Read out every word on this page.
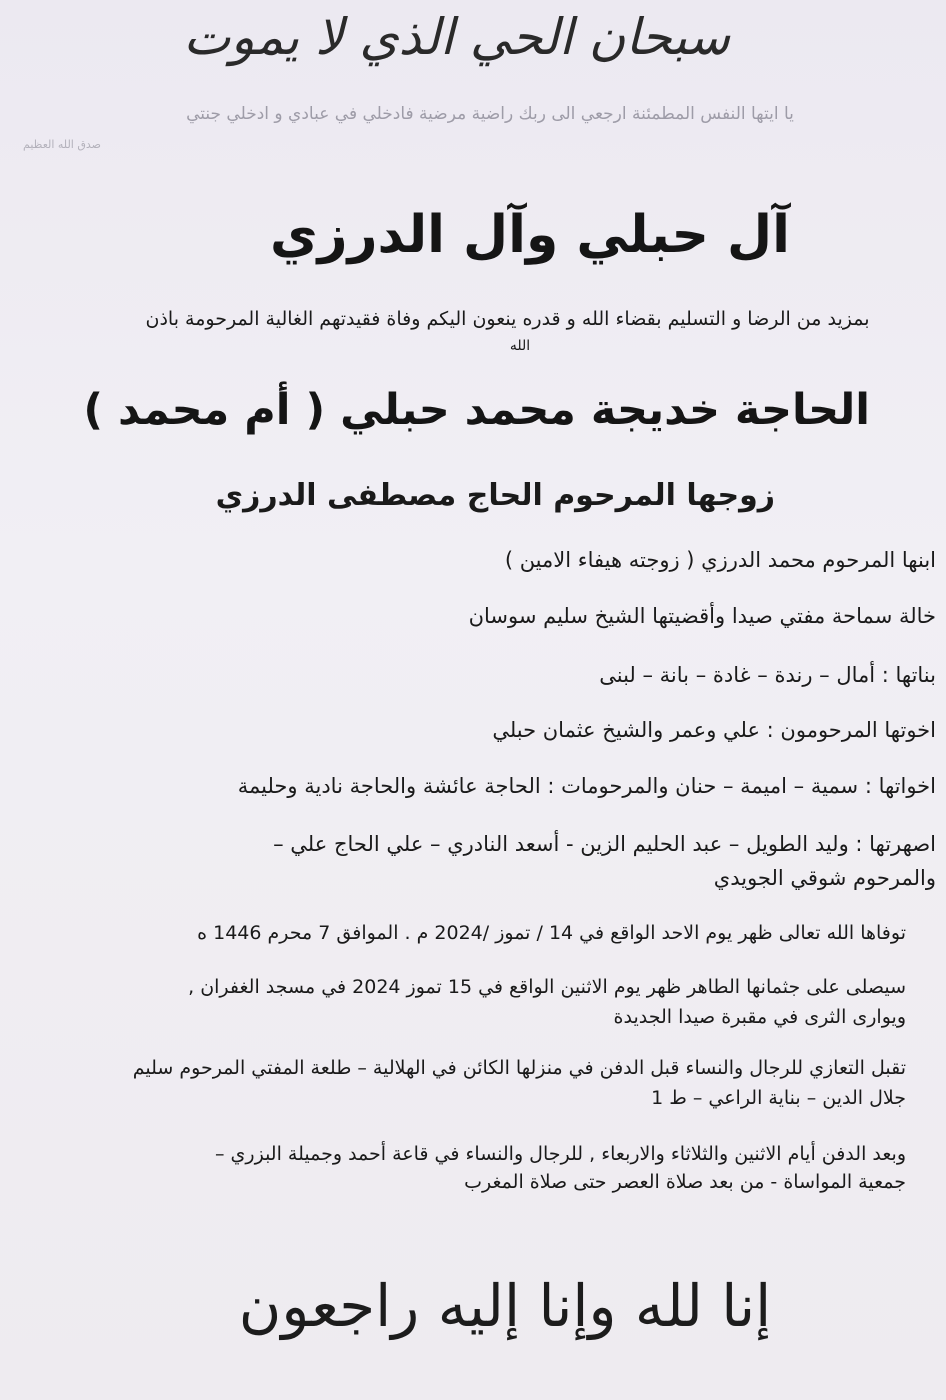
سبحان الحي الذي لا يموت
يا ايتها النفس المطمئنة ارجعي الى ربك راضية مرضية فادخلي في عبادي و ادخلي جنتي
صدق الله العظيم
آل حبلي وآل الدرزي
بمزيد من الرضا و التسليم بقضاء الله و قدره ينعون اليكم وفاة فقيدتهم الغالية المرحومة باذن
الله
الحاجة خديجة محمد حبلي ( أم محمد )
زوجها المرحوم الحاج مصطفى الدرزي
ابنها المرحوم محمد الدرزي ( زوجته هيفاء الامين )
خالة سماحة مفتي صيدا وأقضيتها الشيخ سليم سوسان
بناتها : أمال – رندة – غادة – بانة – لبنى
اخوتها المرحومون : علي وعمر والشيخ عثمان حبلي
اخواتها : سمية – اميمة – حنان والمرحومات : الحاجة عائشة والحاجة نادية وحليمة
اصهرتها : وليد الطويل – عبد الحليم الزين - أسعد النادري – علي الحاج علي –
والمرحوم شوقي الجويدي
توفاها الله تعالى ظهر يوم الاحد الواقع في 14 / تموز /2024 م . الموافق 7 محرم 1446 ه
سيصلى على جثمانها الطاهر ظهر يوم الاثنين الواقع في 15 تموز 2024 في مسجد الغفران ,
ويوارى الثرى في مقبرة صيدا الجديدة
تقبل التعازي للرجال والنساء قبل الدفن في منزلها الكائن في الهلالية – طلعة المفتي المرحوم سليم
جلال الدين – بناية الراعي – ط 1
وبعد الدفن أيام الاثنين والثلاثاء والاربعاء , للرجال والنساء في قاعة أحمد وجميلة البزري –
جمعية المواساة - من بعد صلاة العصر حتى صلاة المغرب
إنا لله وإنا إليه راجعون
